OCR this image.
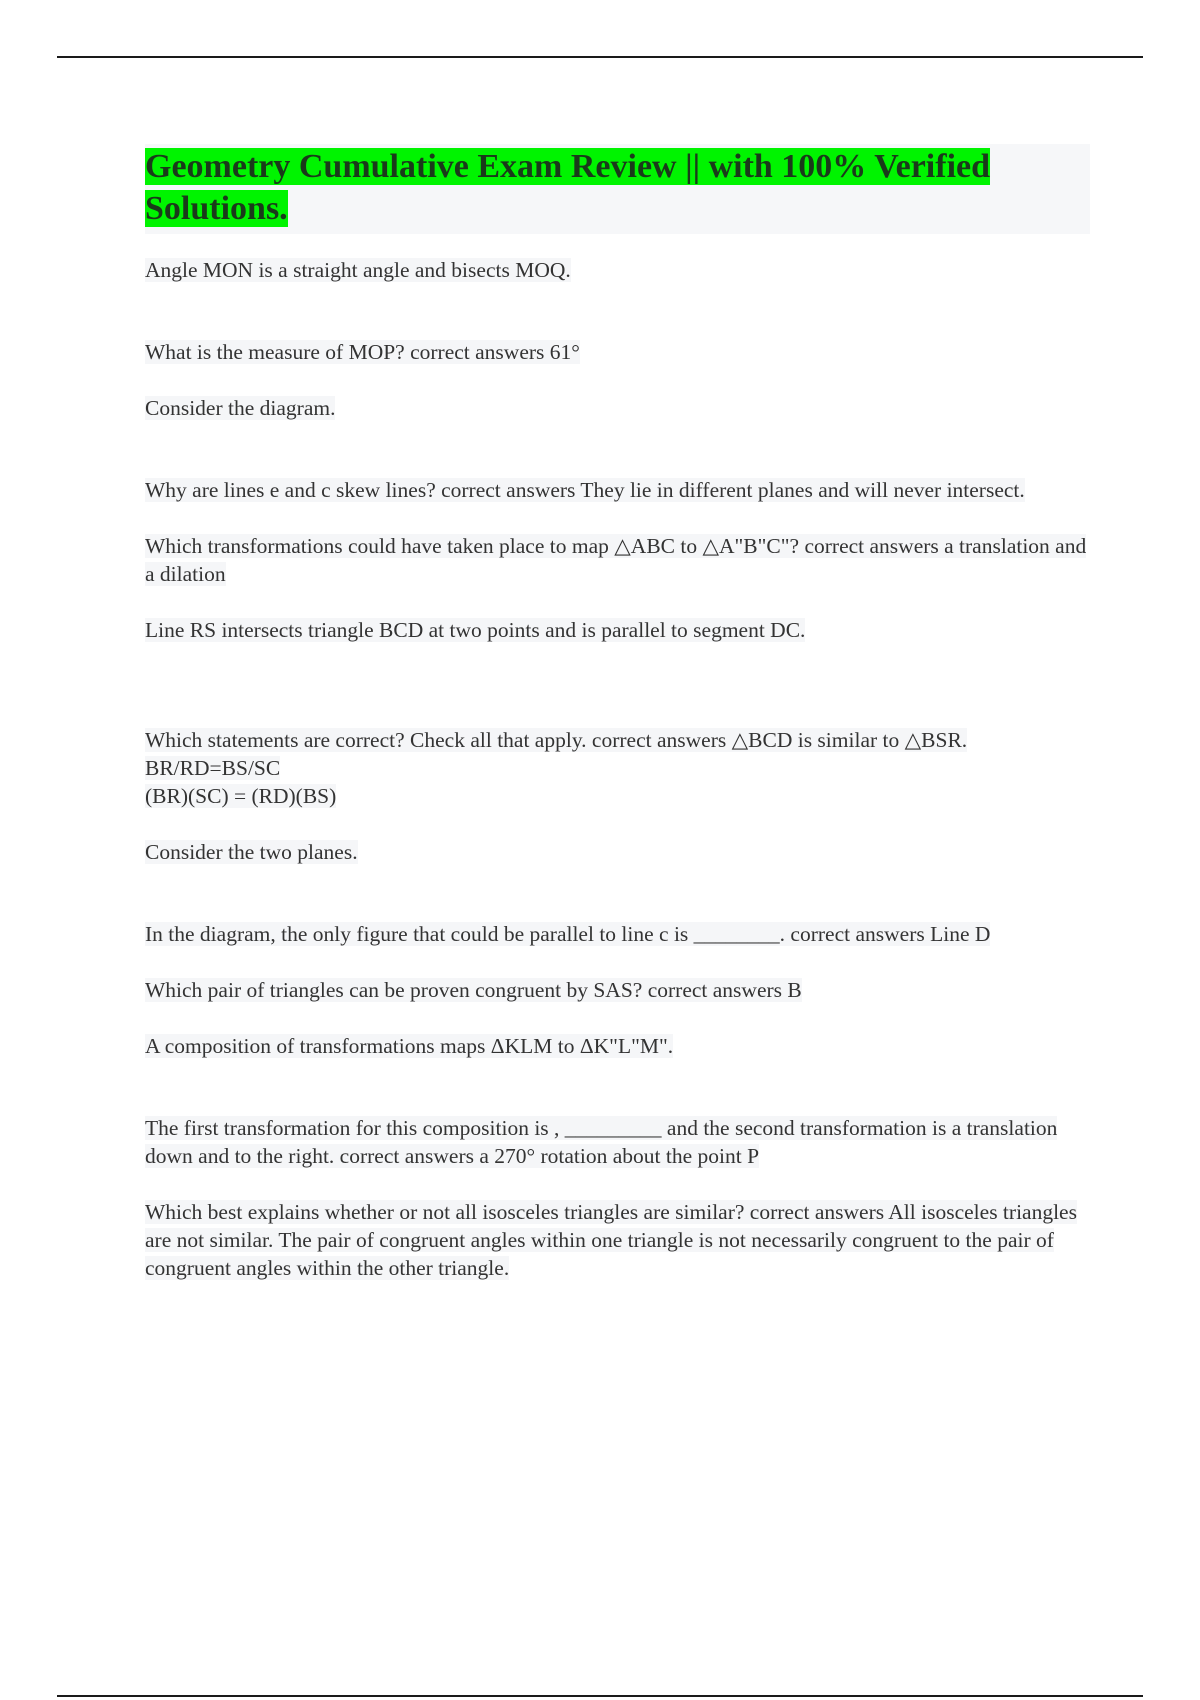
Geometry Cumulative Exam Review || with 100% Verified Solutions.

Angle MON is a straight angle and bisects MOQ.

What is the measure of MOP? correct answers 61°

Consider the diagram.

Why are lines e and c skew lines? correct answers They lie in different planes and will never intersect.

Which transformations could have taken place to map △ABC to △A"B"C"? correct answers a translation and a dilation

Line RS intersects triangle BCD at two points and is parallel to segment DC.

Which statements are correct? Check all that apply. correct answers △BCD is similar to △BSR.
BR/RD=BS/SC
(BR)(SC) = (RD)(BS)

Consider the two planes.

In the diagram, the only figure that could be parallel to line c is ________. correct answers Line D

Which pair of triangles can be proven congruent by SAS? correct answers B

A composition of transformations maps ΔKLM to ΔK"L"M".

The first transformation for this composition is , _________ and the second transformation is a translation down and to the right. correct answers a 270° rotation about the point P

Which best explains whether or not all isosceles triangles are similar? correct answers All isosceles triangles are not similar. The pair of congruent angles within one triangle is not necessarily congruent to the pair of congruent angles within the other triangle.
